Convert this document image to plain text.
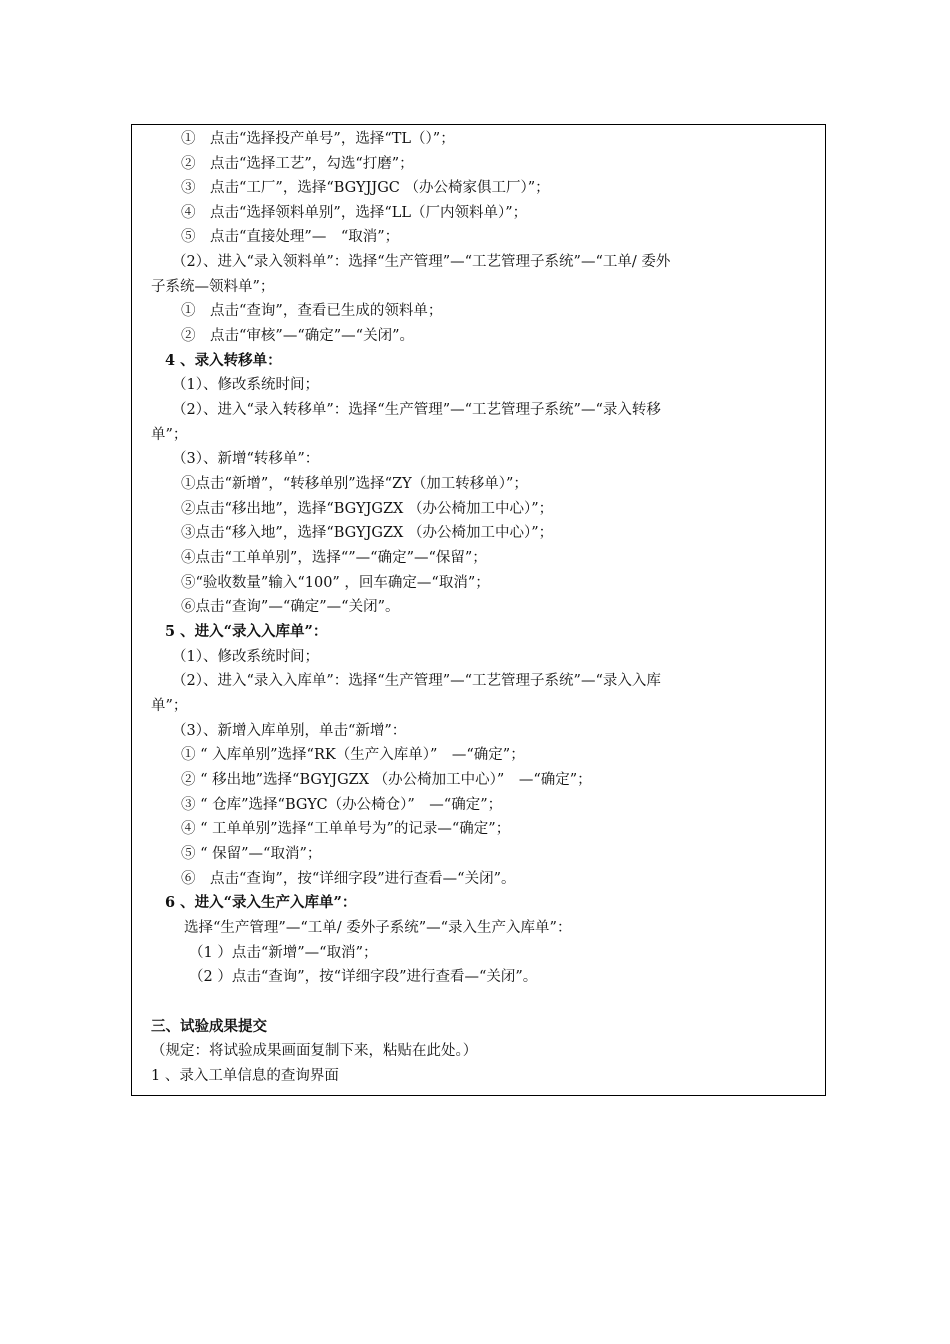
①　点击“选择投产单号”，选择“TL（）”；
②　点击“选择工艺”，勾选“打磨”；
③　点击“工厂”，选择“BGYJJGC （办公椅家俱工厂）”；
④　点击“选择领料单别”，选择“LL（厂内领料单）”；
⑤　点击“直接处理”—　“取消”；
（2）、进入“录入领料单”：选择“生产管理”—“工艺管理子系统”—“工单/ 委外
子系统—领料单”；
①　点击“查询”，查看已生成的领料单；
②　点击“审核”—“确定”—“关闭”。
4 、录入转移单：
（1）、修改系统时间；
（2）、进入“录入转移单”：选择“生产管理”—“工艺管理子系统”—“录入转移
单”；
（3）、新增“转移单”：
①点击“新增”，“转移单别”选择“ZY（加工转移单）”；
②点击“移出地”，选择“BGYJGZX （办公椅加工中心）”；
③点击“移入地”，选择“BGYJGZX （办公椅加工中心）”；
④点击“工单单别”，选择“”—“确定”—“保留”；
⑤“验收数量”输入“100” ，回车确定—“取消”；
⑥点击“查询”—“确定”—“关闭”。
5 、进入“录入入库单”：
（1）、修改系统时间；
（2）、进入“录入入库单”：选择“生产管理”—“工艺管理子系统”—“录入入库
单”；
（3）、新增入库单别，单击“新增”：
① “ 入库单别”选择“RK（生产入库单）”　—“确定”；
② “ 移出地”选择“BGYJGZX （办公椅加工中心）”　—“确定”；
③ “ 仓库”选择“BGYC（办公椅仓）”　—“确定”；
④ “ 工单单别”选择“工单单号为”的记录—“确定”；
⑤ “ 保留”—“取消”；
⑥　点击“查询”，按“详细字段”进行查看—“关闭”。
6 、进入“录入生产入库单”：
选择“生产管理”—“工单/ 委外子系统”—“录入生产入库单”：
（1 ）点击“新增”—“取消”；
（2 ）点击“查询”，按“详细字段”进行查看—“关闭”。
三、试验成果提交
（规定：将试验成果画面复制下来，粘贴在此处。）
1 、录入工单信息的查询界面
